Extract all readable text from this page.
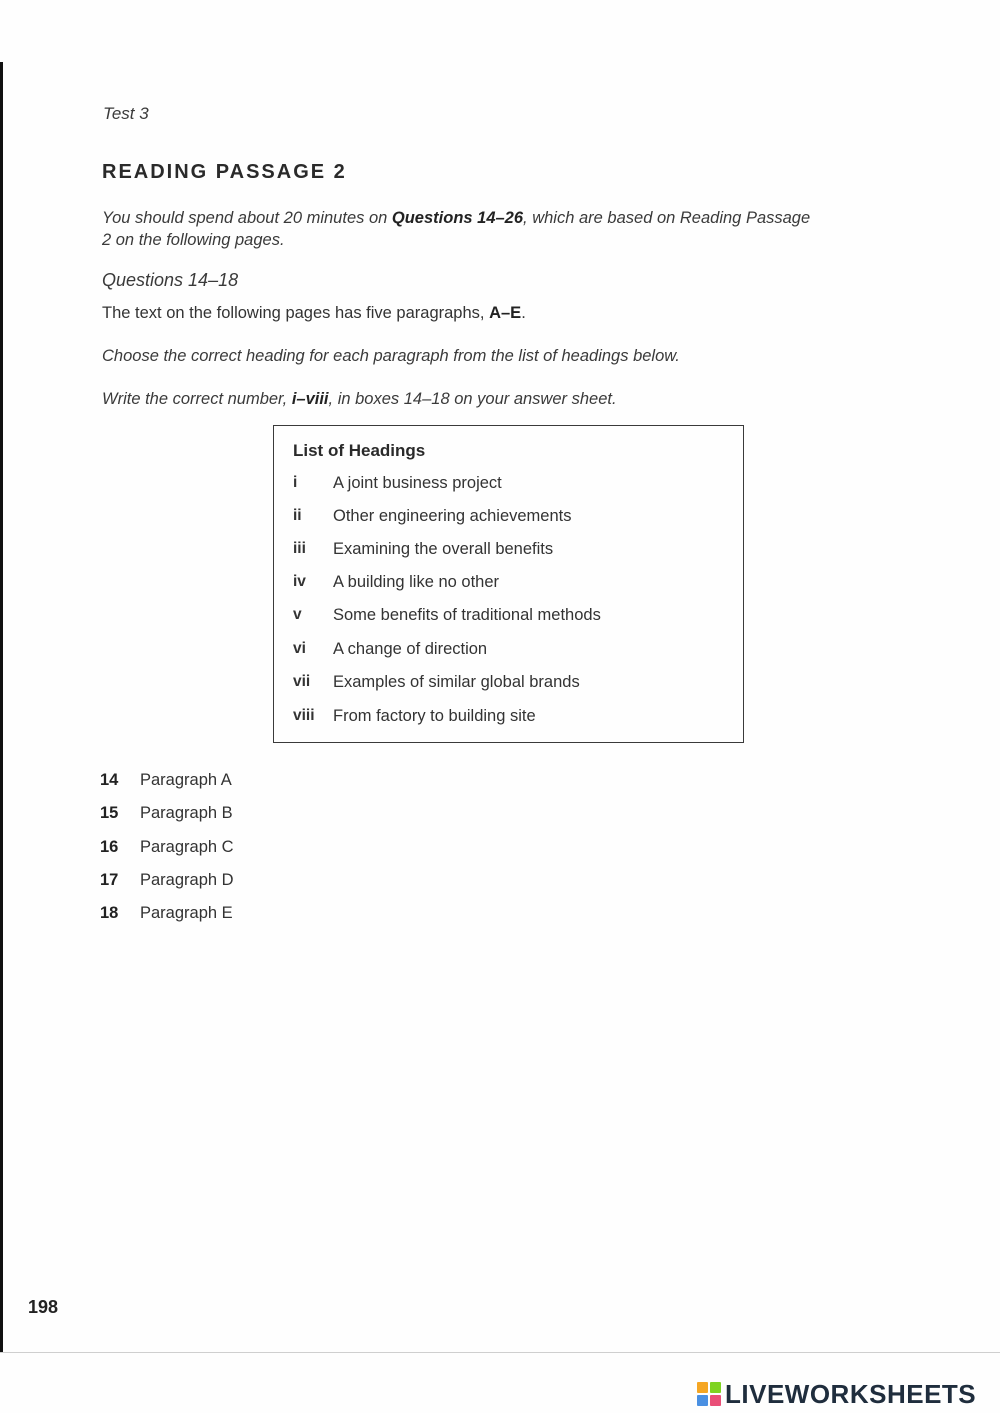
Test 3
READING PASSAGE 2
You should spend about 20 minutes on Questions 14–26, which are based on Reading Passage 2 on the following pages.
Questions 14–18
The text on the following pages has five paragraphs, A–E.
Choose the correct heading for each paragraph from the list of headings below.
Write the correct number, i–viii, in boxes 14–18 on your answer sheet.
List of Headings
i A joint business project
ii Other engineering achievements
iii Examining the overall benefits
iv A building like no other
v Some benefits of traditional methods
vi A change of direction
vii Examples of similar global brands
viii From factory to building site
14 Paragraph A
15 Paragraph B
16 Paragraph C
17 Paragraph D
18 Paragraph E
198
LIVEWORKSHEETS
